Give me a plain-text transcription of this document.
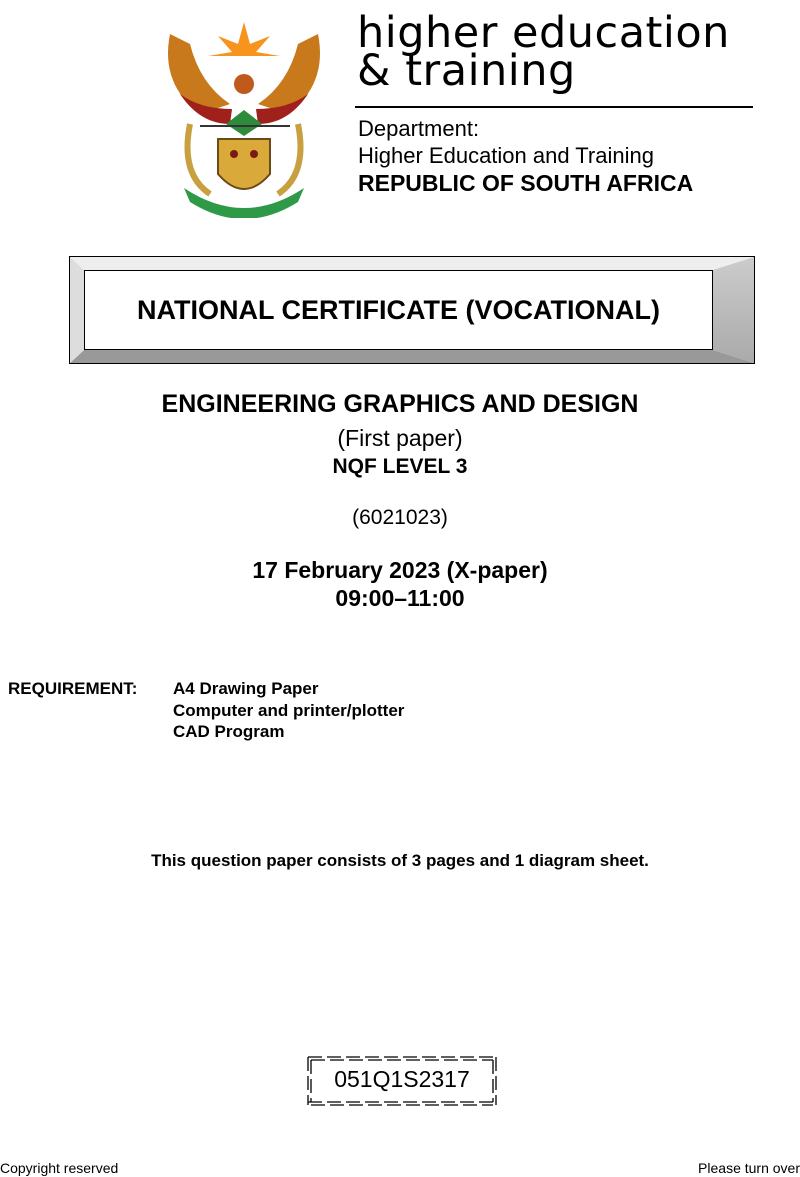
higher education
& training
Department:
Higher Education and Training
REPUBLIC OF SOUTH AFRICA
NATIONAL CERTIFICATE (VOCATIONAL)
ENGINEERING GRAPHICS AND DESIGN
(First paper)
NQF LEVEL 3
(6021023)
17 February 2023 (X-paper)
09:00–11:00
REQUIREMENT: A4 Drawing Paper
Computer and printer/plotter
CAD Program
This question paper consists of 3 pages and 1 diagram sheet.
051Q1S2317
Copyright reserved	Please turn over
